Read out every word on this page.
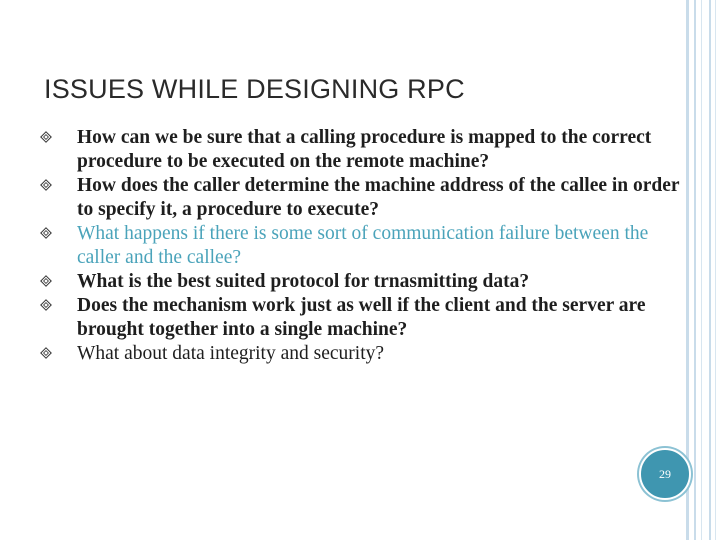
ISSUES WHILE DESIGNING RPC
How can we be sure that a calling procedure is mapped to the correct procedure to be executed on the remote machine?
How does the caller determine the machine address of the callee in order to specify it, a procedure to execute?
What happens if there is some sort of communication failure between the caller and the callee?
What is the best suited protocol for trnasmitting data?
Does the mechanism work just as well if the client and the server are brought together into a single machine?
What about data integrity and security?
29
